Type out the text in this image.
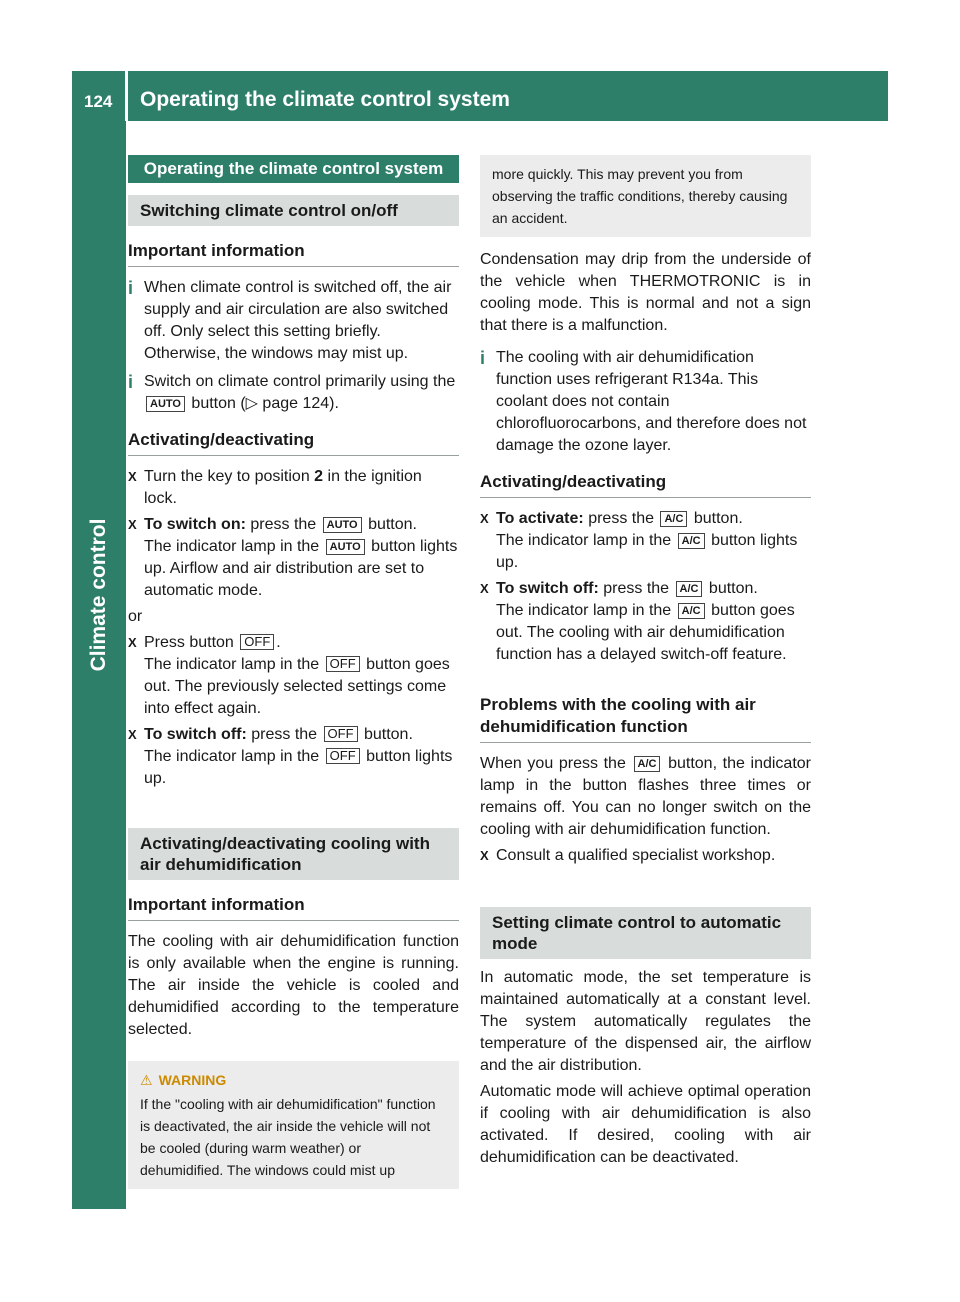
124 Operating the climate control system
Climate control
Operating the climate control system
Switching climate control on/off
Important information
i When climate control is switched off, the air supply and air circulation are also switched off. Only select this setting briefly. Otherwise, the windows may mist up.
i Switch on climate control primarily using the AUTO button (▷ page 124).
Activating/deactivating
X Turn the key to position 2 in the ignition lock.
X To switch on: press the AUTO button.
The indicator lamp in the AUTO button lights up. Airflow and air distribution are set to automatic mode.
or
X Press button OFF .
The indicator lamp in the OFF button goes out. The previously selected settings come into effect again.
X To switch off: press the OFF button.
The indicator lamp in the OFF button lights up.
Activating/deactivating cooling with air dehumidification
Important information
The cooling with air dehumidification function is only available when the engine is running. The air inside the vehicle is cooled and dehumidified according to the temperature selected.
⚠ WARNING
If the "cooling with air dehumidification" function is deactivated, the air inside the vehicle will not be cooled (during warm weather) or dehumidified. The windows could mist up
more quickly. This may prevent you from observing the traffic conditions, thereby causing an accident.
Condensation may drip from the underside of the vehicle when THERMOTRONIC is in cooling mode. This is normal and not a sign that there is a malfunction.
i The cooling with air dehumidification function uses refrigerant R134a. This coolant does not contain chlorofluorocarbons, and therefore does not damage the ozone layer.
Activating/deactivating
X To activate: press the A/C button.
The indicator lamp in the A/C button lights up.
X To switch off: press the A/C button.
The indicator lamp in the A/C button goes out. The cooling with air dehumidification function has a delayed switch-off feature.
Problems with the cooling with air dehumidification function
When you press the A/C button, the indicator lamp in the button flashes three times or remains off. You can no longer switch on the cooling with air dehumidification function.
X Consult a qualified specialist workshop.
Setting climate control to automatic mode
In automatic mode, the set temperature is maintained automatically at a constant level. The system automatically regulates the temperature of the dispensed air, the airflow and the air distribution.
Automatic mode will achieve optimal operation if cooling with air dehumidification is also activated. If desired, cooling with air dehumidification can be deactivated.
